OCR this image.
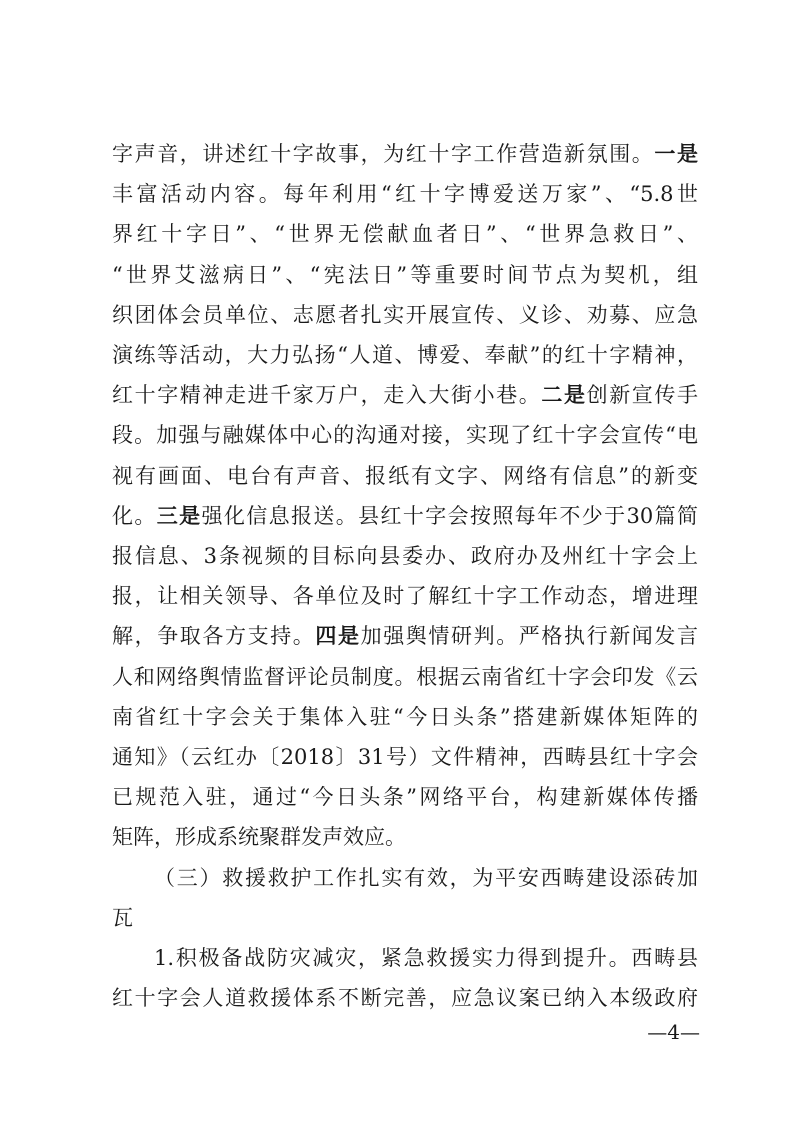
字声音，讲述红十字故事，为红十字工作营造新氛围。一是
丰富活动内容。每年利用“红十字博爱送万家”、“5.8世
界红十字日”、“世界无偿献血者日”、“世界急救日”、
“世界艾滋病日”、“宪法日”等重要时间节点为契机，组
织团体会员单位、志愿者扎实开展宣传、义诊、劝募、应急
演练等活动，大力弘扬“人道、博爱、奉献”的红十字精神，
红十字精神走进千家万户，走入大街小巷。二是创新宣传手
段。加强与融媒体中心的沟通对接，实现了红十字会宣传“电
视有画面、电台有声音、报纸有文字、网络有信息”的新变
化。三是强化信息报送。县红十字会按照每年不少于30篇简
报信息、3条视频的目标向县委办、政府办及州红十字会上
报，让相关领导、各单位及时了解红十字工作动态，增进理
解，争取各方支持。四是加强舆情研判。严格执行新闻发言
人和网络舆情监督评论员制度。根据云南省红十字会印发《云
南省红十字会关于集体入驻“今日头条”搭建新媒体矩阵的
通知》（云红办〔2018〕31号）文件精神，西畴县红十字会
已规范入驻，通过“今日头条”网络平台，构建新媒体传播
矩阵，形成系统聚群发声效应。
（三）救援救护工作扎实有效，为平安西畴建设添砖加
瓦
1.积极备战防灾减灾，紧急救援实力得到提升。西畴县
红十字会人道救援体系不断完善，应急议案已纳入本级政府
—4—
